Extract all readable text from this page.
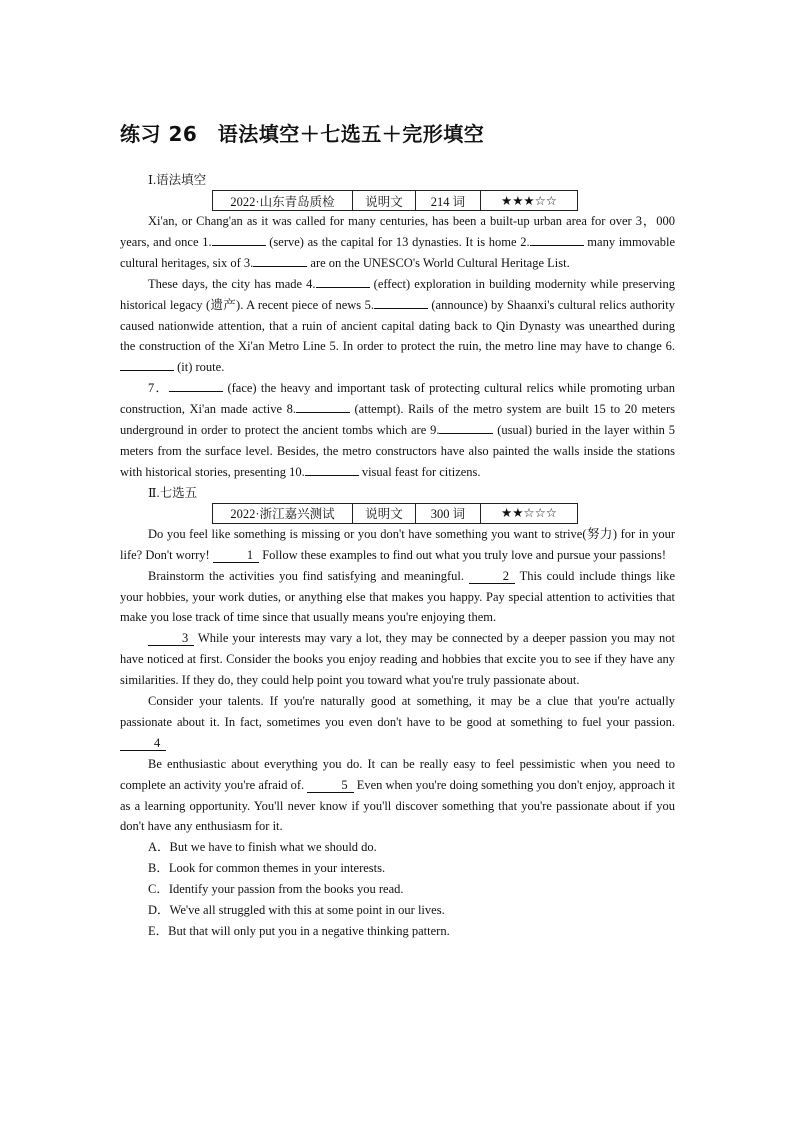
练习 26　语法填空＋七选五＋完形填空
Ⅰ.语法填空
2022·山东青岛质检	说明文	214 词	★★★☆☆

Xi'an, or Chang'an as it was called for many centuries, has been a built-up urban area for over 3，000 years, and once 1.	(serve) as the capital for 13 dynasties. It is home 2.	many immovable cultural heritages, six of 3.	are on the UNESCO's World Cultural Heritage List.

These days, the city has made 4.	(effect) exploration in building modernity while preserving historical legacy (遗产). A recent piece of news 5.	(announce) by Shaanxi's cultural relics authority caused nationwide attention, that a ruin of ancient capital dating back to Qin Dynasty was unearthed during the construction of the Xi'an Metro Line 5. In order to protect the ruin, the metro line may have to change 6. (it) route.

7．	(face) the heavy and important task of protecting cultural relics while promoting urban construction, Xi'an made active 8.	(attempt). Rails of the metro system are built 15 to 20 meters underground in order to protect the ancient tombs which are 9.	(usual) buried in the layer within 5 meters from the surface level. Besides, the metro constructors have also painted the walls inside the stations with historical stories, presenting 10.	visual feast for citizens.

Ⅱ.七选五
2022·浙江嘉兴测试	说明文	300 词	★★☆☆☆

Do you feel like something is missing or you don't have something you want to strive(努力) for in your life? Don't worry!	1 Follow these examples to find out what you truly love and pursue your passions!

Brainstorm the activities you find satisfying and meaningful.	2 This could include things like your hobbies, your work duties, or anything else that makes you happy. Pay special attention to activities that make you lose track of time since that usually means you're enjoying them.

3 While your interests may vary a lot, they may be connected by a deeper passion you may not have noticed at first. Consider the books you enjoy reading and hobbies that excite you to see if they have any similarities. If they do, they could help point you toward what you're truly passionate about.

Consider your talents. If you're naturally good at something, it may be a clue that you're actually passionate about it. In fact, sometimes you even don't have to be good at something to fuel your passion. 4

Be enthusiastic about everything you do. It can be really easy to feel pessimistic when you need to complete an activity you're afraid of.	5 Even when you're doing something you don't enjoy, approach it as a learning opportunity. You'll never know if you'll discover something that you're passionate about if you don't have any enthusiasm for it.

A．But we have to finish what we should do.
B．Look for common themes in your interests.
C．Identify your passion from the books you read.
D．We've all struggled with this at some point in our lives.
E．But that will only put you in a negative thinking pattern.
